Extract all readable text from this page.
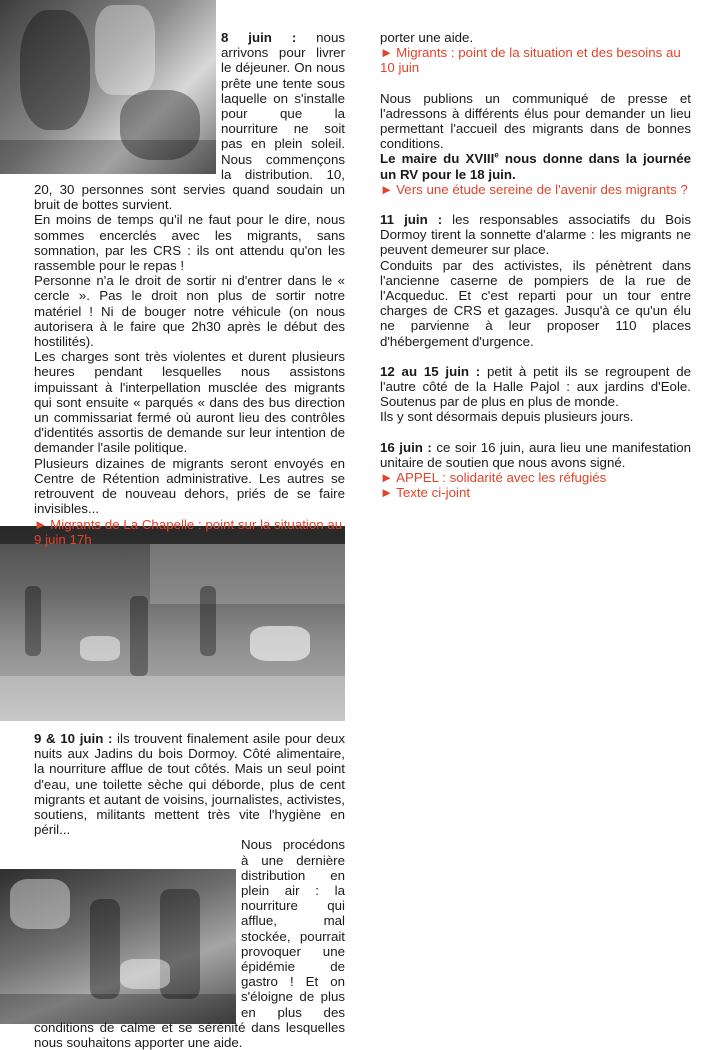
8 juin : nous arrivons pour livrer le déjeuner. On nous prête une tente sous laquelle on s'installe pour que la nourriture ne soit pas en plein soleil. Nous commençons la distribution. 10, 20, 30 personnes sont servies quand soudain un bruit de bottes survient.

En moins de temps qu'il ne faut pour le dire, nous sommes encerclés avec les migrants, sans somnation, par les CRS : ils ont attendu qu'on les rassemble pour le repas !

Personne n'a le droit de sortir ni d'entrer dans le « cercle ». Pas le droit non plus de sortir notre matériel ! Ni de bouger notre véhicule (on nous autorisera à le faire que 2h30 après le début des hostilités).

Les charges sont très violentes et durent plusieurs heures pendant lesquelles nous assistons impuissant à l'interpellation musclée des migrants qui sont ensuite « parqués « dans des bus direction un commissariat fermé où auront lieu des contrôles d'identités assortis de demande sur leur intention de demander l'asile politique.

Plusieurs dizaines de migrants seront envoyés en Centre de Rétention administrative. Les autres se retrouvent de nouveau dehors, priés de se faire invisibles...

► Migrants de La Chapelle : point sur la situation au 9 juin 17h

9 & 10 juin : ils trouvent finalement asile pour deux nuits aux Jadins du bois Dormoy. Côté alimentaire, la nourriture afflue de tout côtés. Mais un seul point d'eau, une toilette sèche qui déborde, plus de cent migrants et autant de voisins, journalistes, activistes, soutiens, militants mettent très vite l'hygiène en péril...

Nous procédons à une dernière distribution en plein air : la nourriture qui afflue, mal stockée, pourrait provoquer une épidémie de gastro ! Et on s'éloigne de plus en plus des conditions de calme et se sérénité dans lesquelles nous souhaitons apporter une aide.

porter une aide.

► Migrants : point de la situation et des besoins au 10 juin

Nous publions un communiqué de presse et l'adressons à différents élus pour demander un lieu permettant l'accueil des migrants dans de bonnes conditions.

Le maire du XVIIIe nous donne dans la journée un RV pour le 18 juin.

► Vers une étude sereine de l'avenir des migrants ?

11 juin : les responsables associatifs du Bois Dormoy tirent la sonnette d'alarme : les migrants ne peuvent demeurer sur place.

Conduits par des activistes, ils pénètrent dans l'ancienne caserne de pompiers de la rue de l'Acqueduc. Et c'est reparti pour un tour entre charges de CRS et gazages. Jusqu'à ce qu'un élu ne parvienne à leur proposer 110 places d'hébergement d'urgence.

12 au 15 juin : petit à petit ils se regroupent de l'autre côté de la Halle Pajol : aux jardins d'Eole. Soutenus par de plus en plus de monde.

Ils y sont désormais depuis plusieurs jours.

16 juin : ce soir 16 juin, aura lieu une manifestation unitaire de soutien que nous avons signé.

► APPEL : solidarité avec les réfugiés
► Texte ci-joint
